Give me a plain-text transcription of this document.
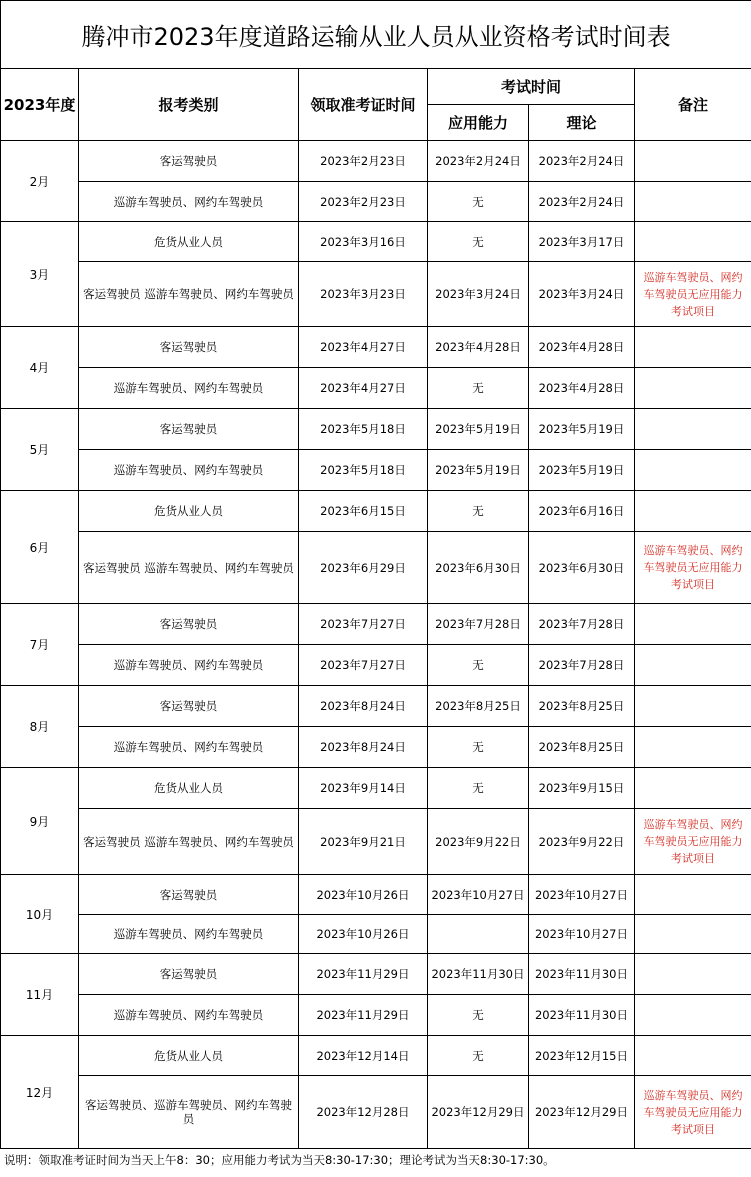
腾冲市2023年度道路运输从业人员从业资格考试时间表					
2023年度	报考类别	领取准考证时间	考试时间		备注
			应用能力	理论	
2月	客运驾驶员	2023年2月23日	2023年2月24日	2023年2月24日	
	巡游车驾驶员、网约车驾驶员	2023年2月23日	无	2023年2月24日	
3月	危货从业人员	2023年3月16日	无	2023年3月17日	
	客运驾驶员 巡游车驾驶员、网约车驾驶员	2023年3月23日	2023年3月24日	2023年3月24日	巡游车驾驶员、网约
车驾驶员无应用能力
考试项目

4月	客运驾驶员	2023年4月27日	2023年4月28日	2023年4月28日	
	巡游车驾驶员、网约车驾驶员	2023年4月27日	无	2023年4月28日	
5月	客运驾驶员	2023年5月18日	2023年5月19日	2023年5月19日	
	巡游车驾驶员、网约车驾驶员	2023年5月18日	2023年5月19日	2023年5月19日	
6月	危货从业人员	2023年6月15日	无	2023年6月16日	
	客运驾驶员 巡游车驾驶员、网约车驾驶员	2023年6月29日	2023年6月30日	2023年6月30日	巡游车驾驶员、网约
车驾驶员无应用能力
考试项目

7月	客运驾驶员	2023年7月27日	2023年7月28日	2023年7月28日	
	巡游车驾驶员、网约车驾驶员	2023年7月27日	无	2023年7月28日	
8月	客运驾驶员	2023年8月24日	2023年8月25日	2023年8月25日	
	巡游车驾驶员、网约车驾驶员	2023年8月24日	无	2023年8月25日	
9月	危货从业人员	2023年9月14日	无	2023年9月15日	
	客运驾驶员 巡游车驾驶员、网约车驾驶员	2023年9月21日	2023年9月22日	2023年9月22日	巡游车驾驶员、网约
车驾驶员无应用能力
考试项目

10月	客运驾驶员	2023年10月26日	2023年10月27日	2023年10月27日	
	巡游车驾驶员、网约车驾驶员	2023年10月26日		2023年10月27日	
11月	客运驾驶员	2023年11月29日	2023年11月30日	2023年11月30日	
	巡游车驾驶员、网约车驾驶员	2023年11月29日	无	2023年11月30日	
12月	危货从业人员	2023年12月14日	无	2023年12月15日	
	客运驾驶员、巡游车驾驶员、网约车驾驶员	2023年12月28日	2023年12月29日	2023年12月29日	巡游车驾驶员、网约
车驾驶员无应用能力
考试项目
说明：领取准考证时间为当天上午8：30；应用能力考试为当天8:30-17:30；理论考试为当天8:30-17:30。
